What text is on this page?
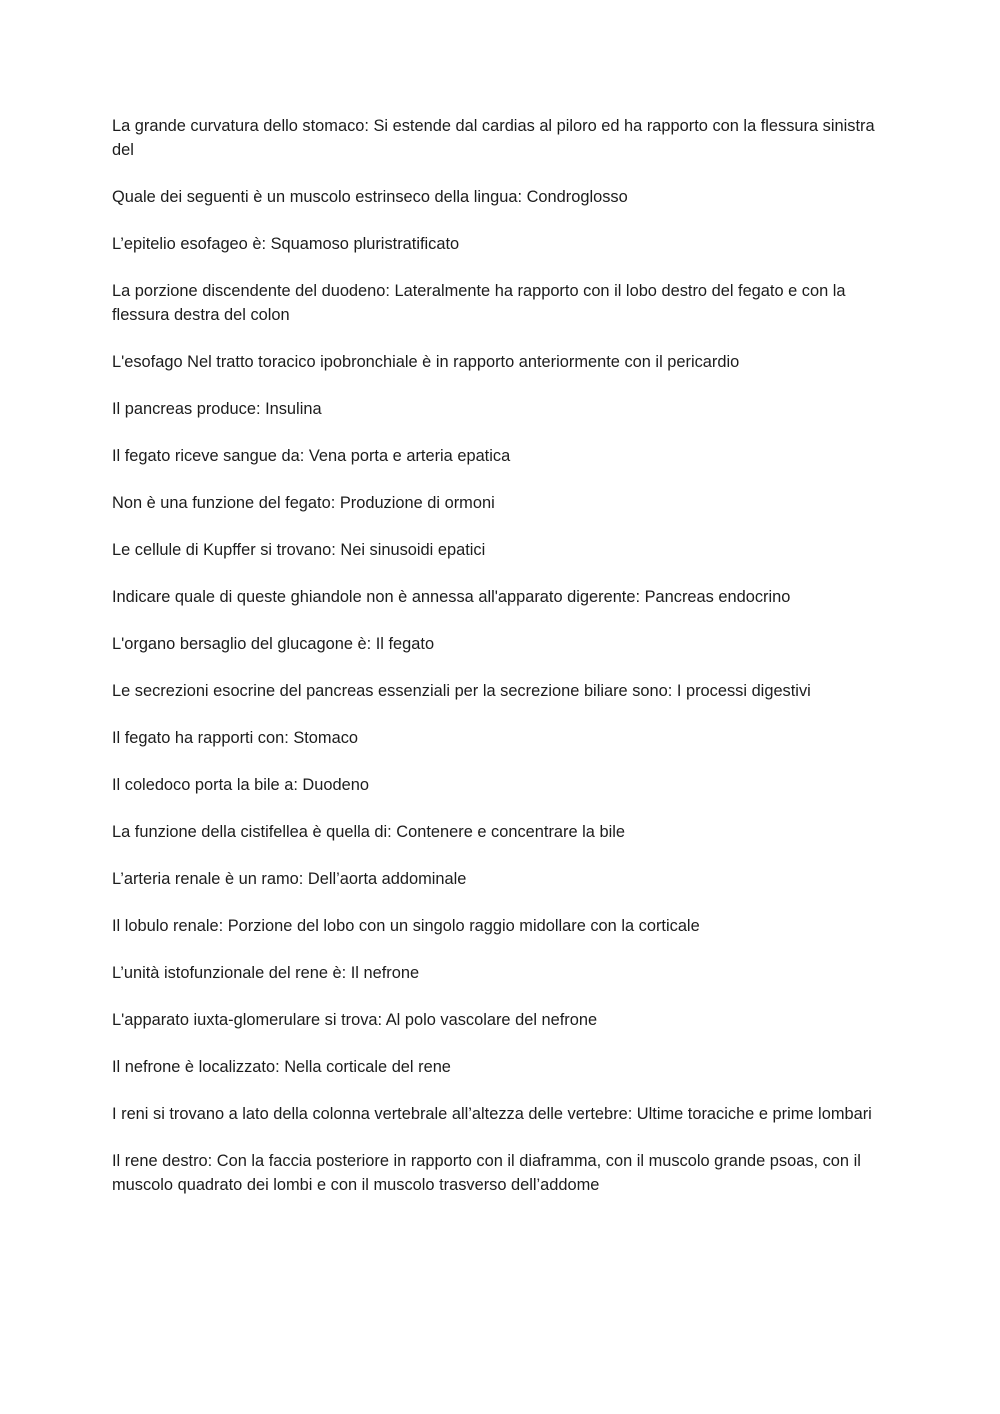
La grande curvatura dello stomaco: Si estende dal cardias al piloro ed ha rapporto con la flessura sinistra del

Quale dei seguenti è un muscolo estrinseco della lingua: Condroglosso

L’epitelio esofageo è: Squamoso pluristratificato

La porzione discendente del duodeno: Lateralmente ha rapporto con il lobo destro del fegato e con la flessura destra del colon

L'esofago Nel tratto toracico ipobronchiale è in rapporto anteriormente con il pericardio

Il pancreas produce: Insulina

Il fegato riceve sangue da: Vena porta e arteria epatica

Non è una funzione del fegato: Produzione di ormoni

Le cellule di Kupffer si trovano: Nei sinusoidi epatici

Indicare quale di queste ghiandole non è annessa all'apparato digerente: Pancreas endocrino

L'organo bersaglio del glucagone è: Il fegato

Le secrezioni esocrine del pancreas essenziali per la secrezione biliare sono: I processi digestivi

Il fegato ha rapporti con: Stomaco

Il coledoco porta la bile a: Duodeno

La funzione della cistifellea è quella di: Contenere e concentrare la bile

L’arteria renale è un ramo: Dell’aorta addominale

Il lobulo renale: Porzione del lobo con un singolo raggio midollare con la corticale

L’unità istofunzionale del rene è: Il nefrone

L'apparato iuxta-glomerulare si trova: Al polo vascolare del nefrone

Il nefrone è localizzato: Nella corticale del rene

I reni si trovano a lato della colonna vertebrale all’altezza delle vertebre: Ultime toraciche e prime lombari

Il rene destro: Con la faccia posteriore in rapporto con il diaframma, con il muscolo grande psoas, con il muscolo quadrato dei lombi e con il muscolo trasverso dell’addome
